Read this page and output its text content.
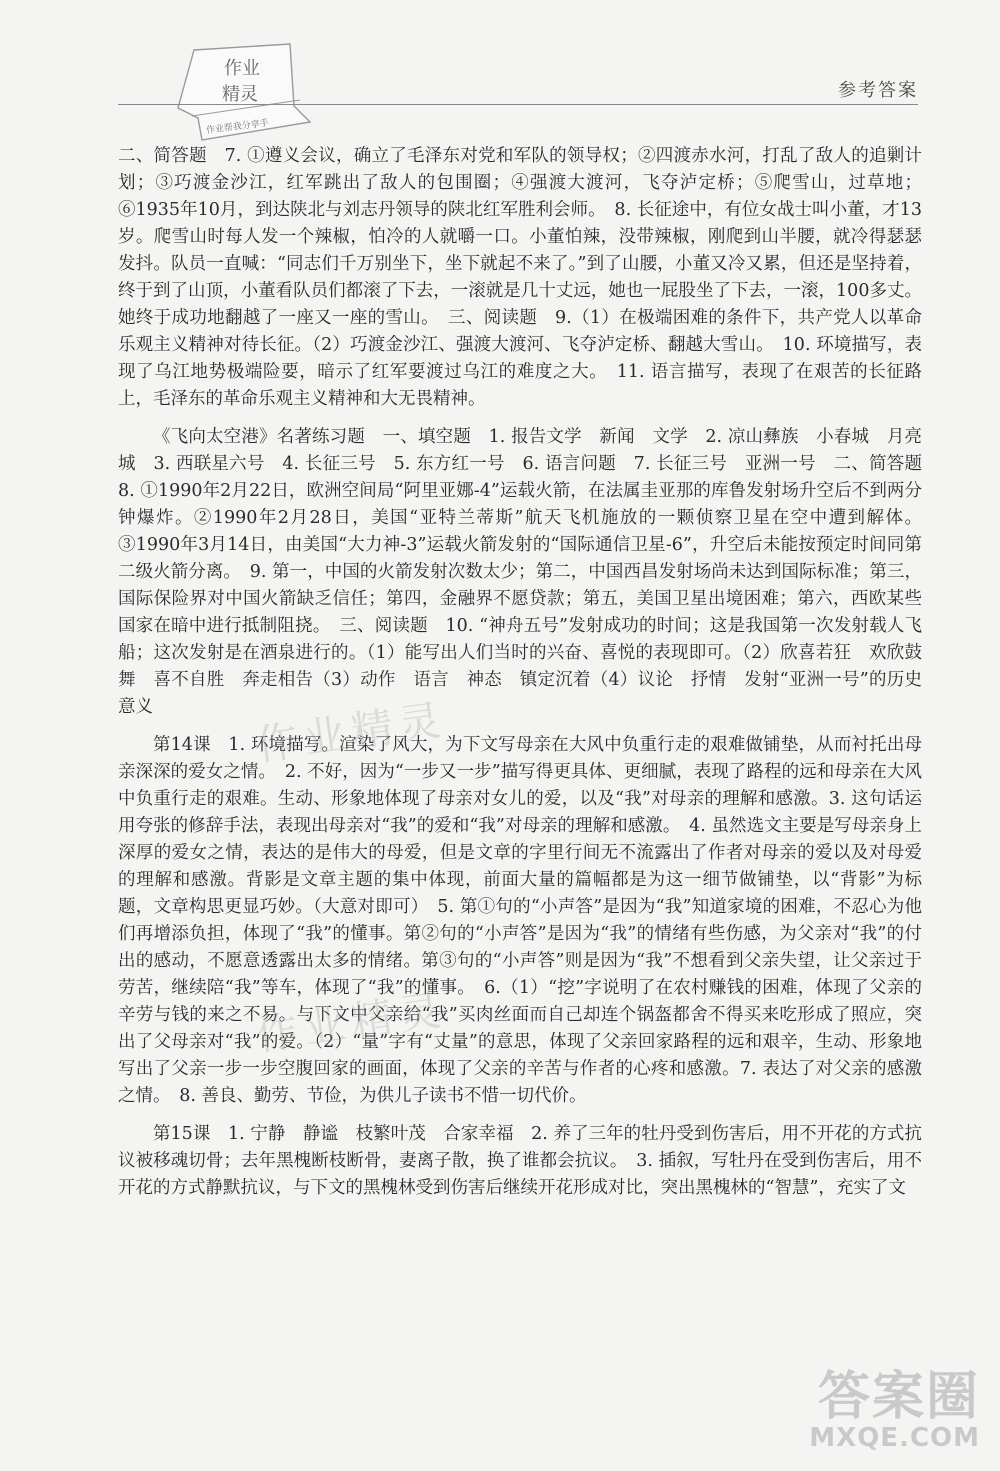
作业
精灵
作业帮我分享手
参考答案

二、简答题　7. ①遵义会议，确立了毛泽东对党和军队的领导权；②四渡赤水河，打乱了敌人的追剿计划；③巧渡金沙江，红军跳出了敌人的包围圈；④强渡大渡河，飞夺泸定桥；⑤爬雪山，过草地；⑥1935年10月，到达陕北与刘志丹领导的陕北红军胜利会师。　8. 长征途中，有位女战士叫小董，才13岁。爬雪山时每人发一个辣椒，怕冷的人就嚼一口。小董怕辣，没带辣椒，刚爬到山半腰，就冷得瑟瑟发抖。队员一直喊：“同志们千万别坐下，坐下就起不来了。”到了山腰，小董又冷又累，但还是坚持着，终于到了山顶，小董看队员们都滚了下去，一滚就是几十丈远，她也一屁股坐了下去，一滚，100多丈。她终于成功地翻越了一座又一座的雪山。　三、阅读题　9.（1）在极端困难的条件下，共产党人以革命乐观主义精神对待长征。（2）巧渡金沙江、强渡大渡河、飞夺泸定桥、翻越大雪山。　10. 环境描写，表现了乌江地势极端险要，暗示了红军要渡过乌江的难度之大。　11. 语言描写，表现了在艰苦的长征路上，毛泽东的革命乐观主义精神和大无畏精神。

《飞向太空港》名著练习题　一、填空题　1. 报告文学　新闻　文学　2. 凉山彝族　小春城　月亮城　3. 西联星六号　4. 长征三号　5. 东方红一号　6. 语言问题　7. 长征三号　亚洲一号　二、简答题　8. ①1990年2月22日，欧洲空间局“阿里亚娜-4”运载火箭，在法属圭亚那的库鲁发射场升空后不到两分钟爆炸。②1990年2月28日，美国“亚特兰蒂斯”航天飞机施放的一颗侦察卫星在空中遭到解体。③1990年3月14日，由美国“大力神-3”运载火箭发射的“国际通信卫星-6”，升空后未能按预定时间同第二级火箭分离。　9. 第一，中国的火箭发射次数太少；第二，中国西昌发射场尚未达到国际标准；第三，国际保险界对中国火箭缺乏信任；第四，金融界不愿贷款；第五，美国卫星出境困难；第六，西欧某些国家在暗中进行抵制阻挠。　三、阅读题　10. “神舟五号”发射成功的时间；这是我国第一次发射载人飞船；这次发射是在酒泉进行的。（1）能写出人们当时的兴奋、喜悦的表现即可。（2）欣喜若狂　欢欣鼓舞　喜不自胜　奔走相告（3）动作　语言　神态　镇定沉着（4）议论　抒情　发射“亚洲一号”的历史意义

第14课　1. 环境描写。渲染了风大，为下文写母亲在大风中负重行走的艰难做铺垫，从而衬托出母亲深深的爱女之情。　2. 不好，因为“一步又一步”描写得更具体、更细腻，表现了路程的远和母亲在大风中负重行走的艰难。生动、形象地体现了母亲对女儿的爱，以及“我”对母亲的理解和感激。3. 这句话运用夸张的修辞手法，表现出母亲对“我”的爱和“我”对母亲的理解和感激。　4. 虽然选文主要是写母亲身上深厚的爱女之情，表达的是伟大的母爱，但是文章的字里行间无不流露出了作者对母亲的爱以及对母爱的理解和感激。背影是文章主题的集中体现，前面大量的篇幅都是为这一细节做铺垫，以“背影”为标题，文章构思更显巧妙。（大意对即可）　5. 第①句的“小声答”是因为“我”知道家境的困难，不忍心为他们再增添负担，体现了“我”的懂事。第②句的“小声答”是因为“我”的情绪有些伤感，为父亲对“我”的付出的感动，不愿意透露出太多的情绪。第③句的“小声答”则是因为“我”不想看到父亲失望，让父亲过于劳苦，继续陪“我”等车，体现了“我”的懂事。　6.（1）“挖”字说明了在农村赚钱的困难，体现了父亲的辛劳与钱的来之不易。与下文中父亲给“我”买肉丝面而自己却连个锅盔都舍不得买来吃形成了照应，突出了父母亲对“我”的爱。（2）“量”字有“丈量”的意思，体现了父亲回家路程的远和艰辛，生动、形象地写出了父亲一步一步空腹回家的画面，体现了父亲的辛苦与作者的心疼和感激。7. 表达了对父亲的感激之情。　8. 善良、勤劳、节俭，为供儿子读书不惜一切代价。

第15课　1. 宁静　静谧　枝繁叶茂　合家幸福　2. 养了三年的牡丹受到伤害后，用不开花的方式抗议被移魂切骨；去年黑槐断枝断骨，妻离子散，换了谁都会抗议。　3. 插叙，写牡丹在受到伤害后，用不开花的方式静默抗议，与下文的黑槐林受到伤害后继续开花形成对比，突出黑槐林的“智慧”，充实了文

作业精灵
作业精灵
答案圈
MXQE.COM
